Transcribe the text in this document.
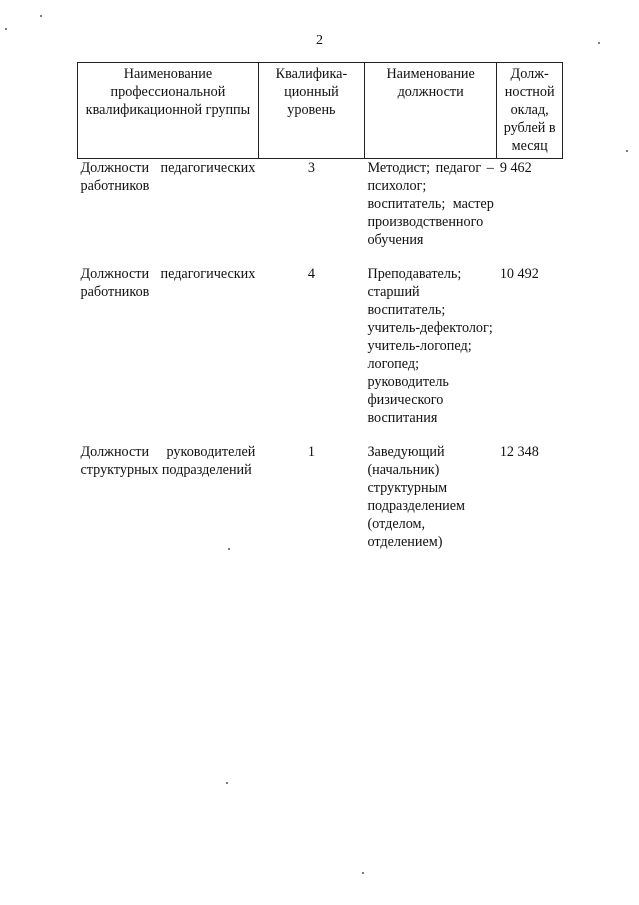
2
Наименование профессиональной квалификационной группы	Квалифика-ционный уровень	Наименование должности	Долж-ностной оклад, рублей в месяц
Должности педагогических работников	3	Методист; педагог – психолог; воспитатель; мастер производственного обучения	9 462

Должности педагогических работников	4	Преподаватель; старший воспитатель; учитель-дефектолог; учитель-логопед; логопед; руководитель физического воспитания	10 492

Должности руководителей структурных подразделений	1	Заведующий (начальник) структурным подразделением (отделом, отделением)	12 348
